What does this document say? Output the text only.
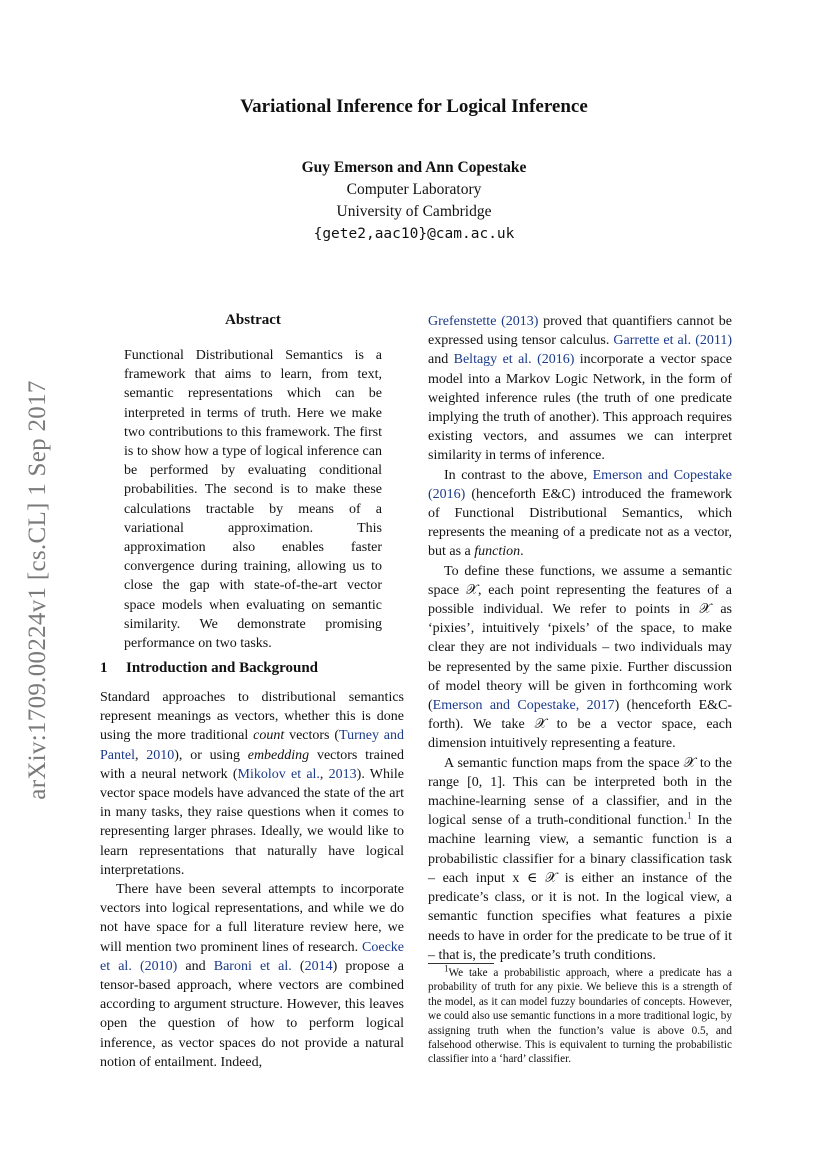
Variational Inference for Logical Inference
Guy Emerson and Ann Copestake
Computer Laboratory
University of Cambridge
{gete2,aac10}@cam.ac.uk
arXiv:1709.00224v1 [cs.CL] 1 Sep 2017
Abstract

Functional Distributional Semantics is a framework that aims to learn, from text, semantic representations which can be interpreted in terms of truth. Here we make two contributions to this framework. The first is to show how a type of logical inference can be performed by evaluating conditional probabilities. The second is to make these calculations tractable by means of a variational approximation. This approximation also enables faster convergence during training, allowing us to close the gap with state-of-the-art vector space models when evaluating on semantic similarity. We demonstrate promising performance on two tasks.

1 Introduction and Background

Standard approaches to distributional semantics represent meanings as vectors, whether this is done using the more traditional count vectors (Turney and Pantel, 2010), or using embedding vectors trained with a neural network (Mikolov et al., 2013). While vector space models have advanced the state of the art in many tasks, they raise questions when it comes to representing larger phrases. Ideally, we would like to learn representations that naturally have logical interpretations.

There have been several attempts to incorporate vectors into logical representations, and while we do not have space for a full literature review here, we will mention two prominent lines of research. Coecke et al. (2010) and Baroni et al. (2014) propose a tensor-based approach, where vectors are combined according to argument structure. However, this leaves open the question of how to perform logical inference, as vector spaces do not provide a natural notion of entailment. Indeed,

Grefenstette (2013) proved that quantifiers cannot be expressed using tensor calculus. Garrette et al. (2011) and Beltagy et al. (2016) incorporate a vector space model into a Markov Logic Network, in the form of weighted inference rules (the truth of one predicate implying the truth of another). This approach requires existing vectors, and assumes we can interpret similarity in terms of inference.

In contrast to the above, Emerson and Copestake (2016) (henceforth E&C) introduced the framework of Functional Distributional Semantics, which represents the meaning of a predicate not as a vector, but as a function.

To define these functions, we assume a semantic space 𝒳, each point representing the features of a possible individual. We refer to points in 𝒳 as ‘pixies’, intuitively ‘pixels’ of the space, to make clear they are not individuals – two individuals may be represented by the same pixie. Further discussion of model theory will be given in forthcoming work (Emerson and Copestake, 2017) (henceforth E&C-forth). We take 𝒳 to be a vector space, each dimension intuitively representing a feature.

A semantic function maps from the space 𝒳 to the range [0, 1]. This can be interpreted both in the machine-learning sense of a classifier, and in the logical sense of a truth-conditional function.$^1$ In the machine learning view, a semantic function is a probabilistic classifier for a binary classification task – each input x ∈ 𝒳 is either an instance of the predicate’s class, or it is not. In the logical view, a semantic function specifies what features a pixie needs to have in order for the predicate to be true of it – that is, the predicate’s truth conditions.

$^1$We take a probabilistic approach, where a predicate has a probability of truth for any pixie. We believe this is a strength of the model, as it can model fuzzy boundaries of concepts. However, we could also use semantic functions in a more traditional logic, by assigning truth when the function’s value is above 0.5, and falsehood otherwise. This is equivalent to turning the probabilistic classifier into a ‘hard’ classifier.
